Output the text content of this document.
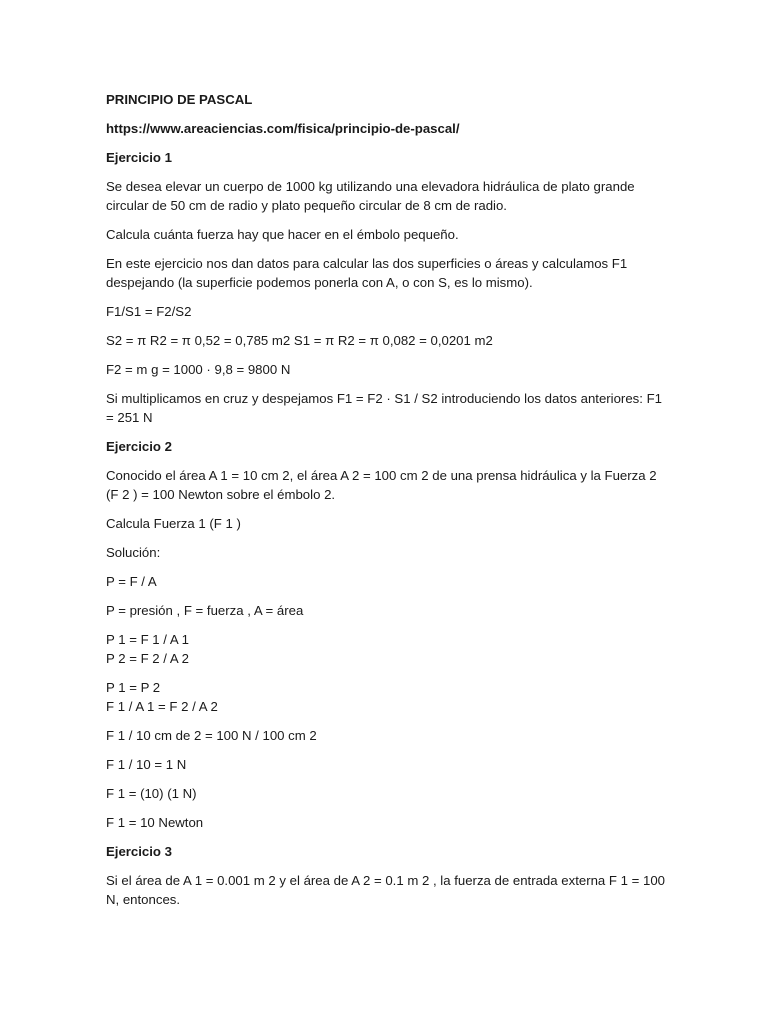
PRINCIPIO DE PASCAL

https://www.areaciencias.com/fisica/principio-de-pascal/

Ejercicio 1

Se desea elevar un cuerpo de 1000 kg utilizando una elevadora hidráulica de plato grande circular de 50 cm de radio y plato pequeño circular de 8 cm de radio.

Calcula cuánta fuerza hay que hacer en el émbolo pequeño.

En este ejercicio nos dan datos para calcular las dos superficies o áreas y calculamos F1 despejando (la superficie podemos ponerla con A, o con S, es lo mismo).

F1/S1 = F2/S2

S2 = π R2 = π 0,52 = 0,785 m2 S1 = π R2 = π 0,082 = 0,0201 m2

F2 = m g = 1000 · 9,8 = 9800 N

Si multiplicamos en cruz y despejamos F1 = F2 · S1 / S2 introduciendo los datos anteriores: F1 = 251 N

Ejercicio 2

Conocido el área A 1 = 10 cm 2, el área A 2 = 100 cm 2 de una prensa hidráulica y la Fuerza 2 (F 2 ) = 100 Newton sobre el émbolo 2.

Calcula Fuerza 1 (F 1 )

Solución:

P = F / A

P = presión , F = fuerza , A = área

P 1 = F 1 / A 1
P 2 = F 2 / A 2

P 1 = P 2
F 1 / A 1 = F 2 / A 2

F 1 / 10 cm de 2 = 100 N / 100 cm 2

F 1 / 10 = 1 N

F 1 = (10) (1 N)

F 1 = 10 Newton

Ejercicio 3

Si el área de A 1 = 0.001 m 2 y el área de A 2 = 0.1 m 2 , la fuerza de entrada externa F 1 = 100 N, entonces.
